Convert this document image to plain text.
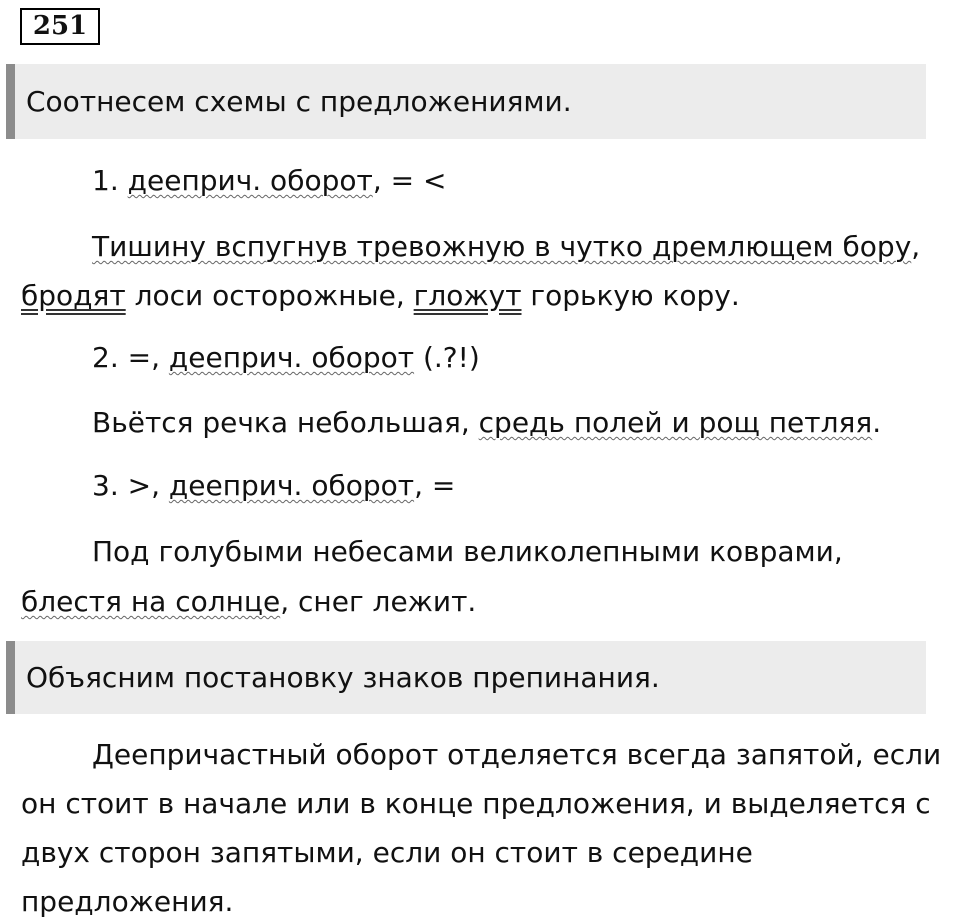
251
Соотнесем схемы с предложениями.
1. дееприч. оборот, = <
Тишину вспугнув тревожную в чутко дремлющем бору,
бродят лоси осторожные, гложут горькую кору.
2. =, дееприч. оборот (.?!)
Вьётся речка небольшая, средь полей и рощ петляя.
3. >, дееприч. оборот, =
Под голубыми небесами великолепными коврами,
блестя на солнце, снег лежит.
Объясним постановку знаков препинания.
Деепричастный оборот отделяется всегда запятой, если
он стоит в начале или в конце предложения, и выделяется с
двух сторон запятыми, если он стоит в середине
предложения.
